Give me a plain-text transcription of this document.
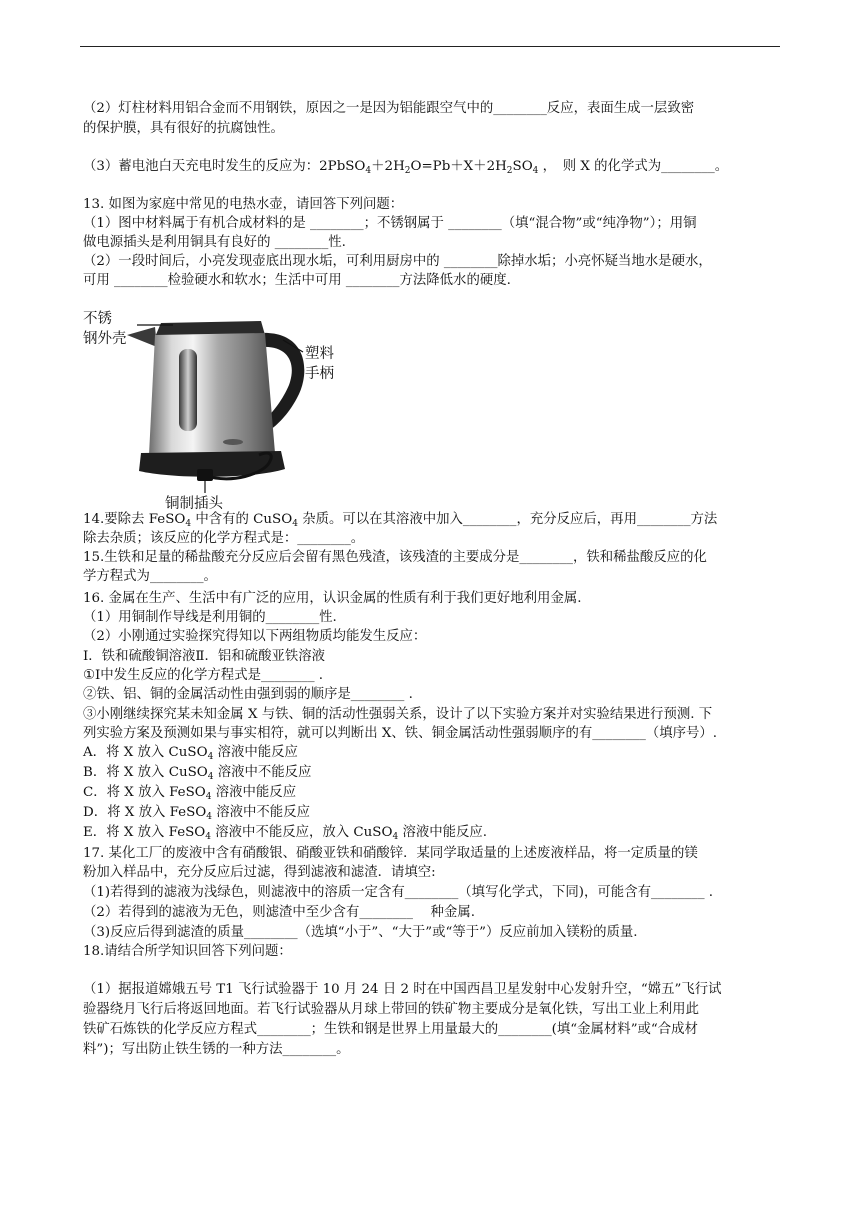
（2）灯柱材料用铝合金而不用钢铁，原因之一是因为铝能跟空气中的________反应，表面生成一层致密
的保护膜，具有很好的抗腐蚀性。
（3）蓄电池白天充电时发生的反应为：$2PbSO_4+2H_2O=Pb+X+2H_2SO_4$ ，　则 X 的化学式为________。
13. 如图为家庭中常见的电热水壶，请回答下列问题：
（1）图中材料属于有机合成材料的是 ________；不锈钢属于 ________（填“混合物”或“纯净物”）；用铜
做电源插头是利用铜具有良好的 ________性.
（2）一段时间后，小亮发现壶底出现水垢，可利用厨房中的 ________除掉水垢；小亮怀疑当地水是硬水，
可用 ________检验硬水和软水；生活中可用 ________方法降低水的硬度.
14.要除去 FeSO$_4$ 中含有的 CuSO$_4$ 杂质。可以在其溶液中加入________，充分反应后，再用________方法
除去杂质；该反应的化学方程式是：________。
15.生铁和足量的稀盐酸充分反应后会留有黑色残渣，该残渣的主要成分是________，铁和稀盐酸反应的化
学方程式为________。
16. 金属在生产、生活中有广泛的应用，认识金属的性质有利于我们更好地利用金属.
（1）用铜制作导线是利用铜的________性.
（2）小刚通过实验探究得知以下两组物质均能发生反应：
Ⅰ．铁和硫酸铜溶液Ⅱ．铝和硫酸亚铁溶液
①Ⅰ中发生反应的化学方程式是________ .
②铁、铝、铜的金属活动性由强到弱的顺序是________ .
③小刚继续探究某未知金属 X 与铁、铜的活动性强弱关系，设计了以下实验方案并对实验结果进行预测. 下
列实验方案及预测如果与事实相符，就可以判断出 X、铁、铜金属活动性强弱顺序的有________（填序号）.
A．将 X 放入 CuSO$_4$ 溶液中能反应
B．将 X 放入 CuSO$_4$ 溶液中不能反应
C．将 X 放入 FeSO$_4$ 溶液中能反应
D．将 X 放入 FeSO$_4$ 溶液中不能反应
E．将 X 放入 FeSO$_4$ 溶液中不能反应，放入 CuSO$_4$ 溶液中能反应.
17. 某化工厂的废液中含有硝酸银、硝酸亚铁和硝酸锌．某同学取适量的上述废液样品，将一定质量的镁
粉加入样品中，充分反应后过滤，得到滤液和滤渣．请填空:
（1)若得到的滤液为浅绿色，则滤液中的溶质一定含有________（填写化学式，下同)，可能含有________ .
（2）若得到的滤液为无色，则滤渣中至少含有________　 种金属.
（3)反应后得到滤渣的质量________（选填“小于”、“大于”或“等于”）反应前加入镁粉的质量.
18.请结合所学知识回答下列问题：
（1）据报道嫦娥五号 T1 飞行试验器于 10 月 24 日 2 时在中国西昌卫星发射中心发射升空，“嫦五”飞行试
验器绕月飞行后将返回地面。若飞行试验器从月球上带回的铁矿物主要成分是氧化铁，写出工业上利用此
铁矿石炼铁的化学反应方程式________；生铁和钢是世界上用量最大的________(填“金属材料”或“合成材
料”)；写出防止铁生锈的一种方法________。
不锈
钢外壳
塑料
手柄
铜制插头
